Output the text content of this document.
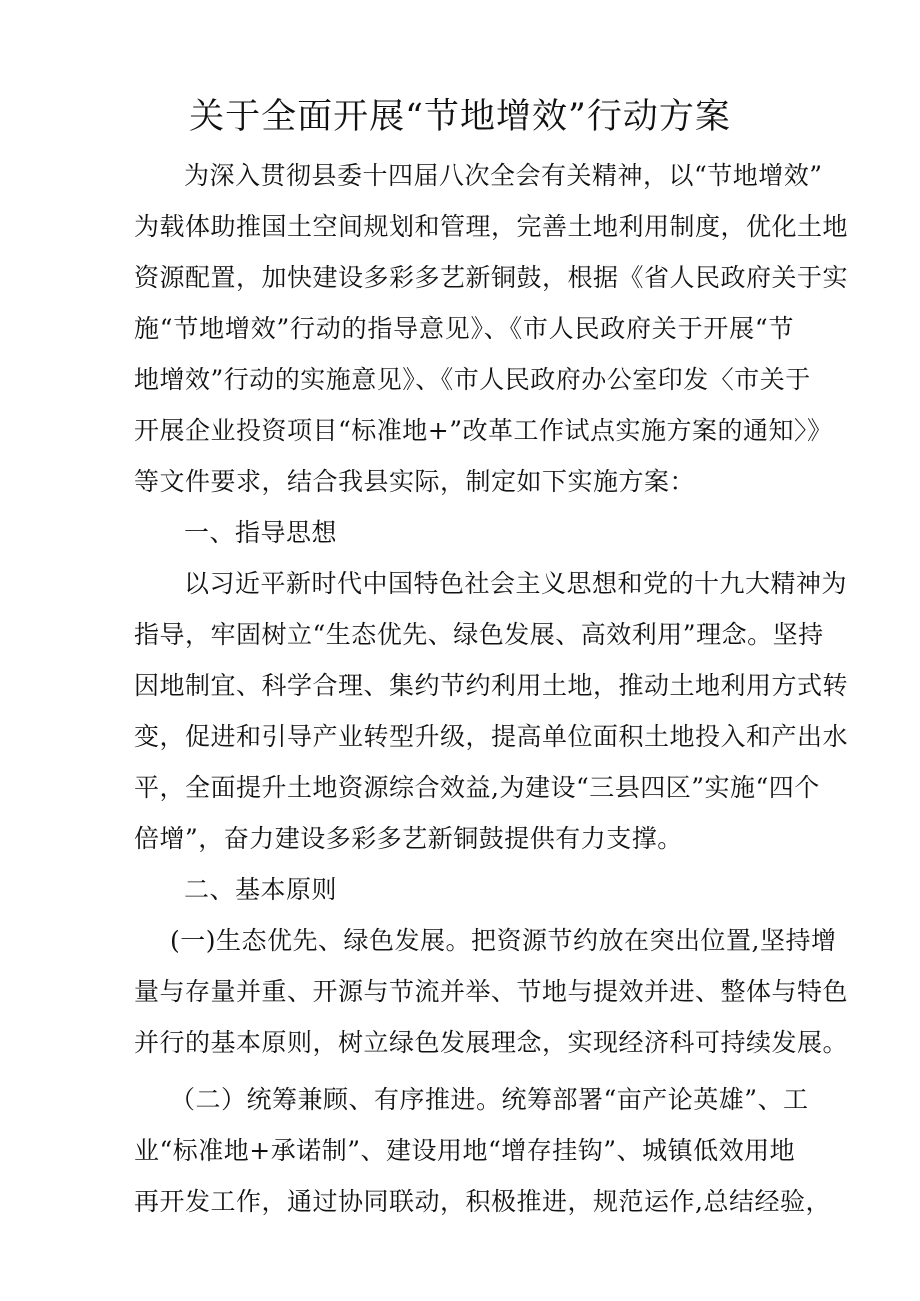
关于全面开展“节地增效”行动方案
为深入贯彻县委十四届八次全会有关精神，以“节地增效”
为载体助推国土空间规划和管理，完善土地利用制度，优化土地
资源配置，加快建设多彩多艺新铜鼓，根据《省人民政府关于实
施“节地增效”行动的指导意见》、《市人民政府关于开展“节
地增效”行动的实施意见》、《市人民政府办公室印发〈市关于
开展企业投资项目“标准地+”改革工作试点实施方案的通知〉》
等文件要求，结合我县实际，制定如下实施方案：
一、指导思想
以习近平新时代中国特色社会主义思想和党的十九大精神为
指导，牢固树立“生态优先、绿色发展、高效利用”理念。坚持
因地制宜、科学合理、集约节约利用土地，推动土地利用方式转
变，促进和引导产业转型升级，提高单位面积土地投入和产出水
平，全面提升土地资源综合效益,为建设“三县四区”实施“四个
倍增”，奋力建设多彩多艺新铜鼓提供有力支撑。
二、基本原则
(一)生态优先、绿色发展。把资源节约放在突出位置,坚持增
量与存量并重、开源与节流并举、节地与提效并进、整体与特色
并行的基本原则，树立绿色发展理念，实现经济科可持续发展。
（二）统筹兼顾、有序推进。统筹部署“亩产论英雄”、工
业“标准地+承诺制”、建设用地“增存挂钩”、城镇低效用地
再开发工作，通过协同联动，积极推进，规范运作,总结经验，
